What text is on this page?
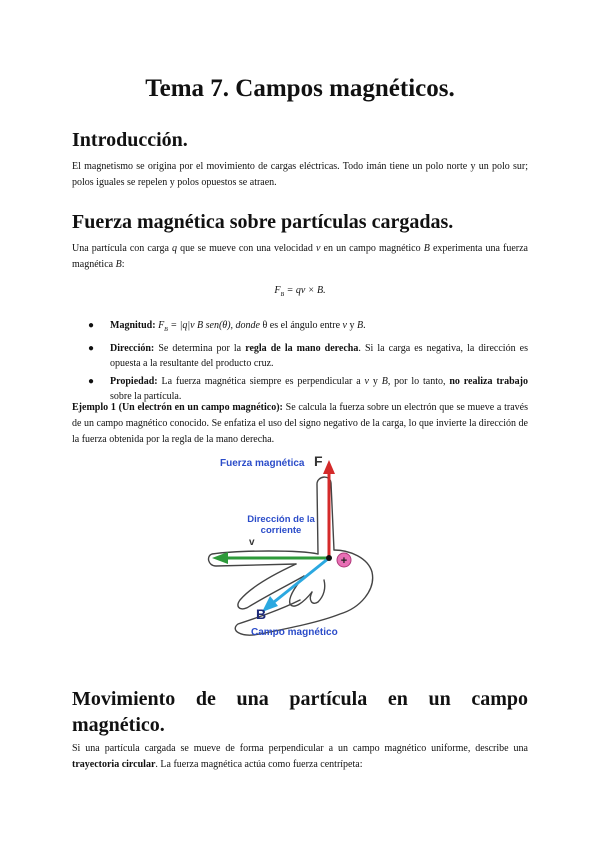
Tema 7. Campos magnéticos.
Introducción.

El magnetismo se origina por el movimiento de cargas eléctricas. Todo imán tiene un polo norte y un polo sur; polos iguales se repelen y polos opuestos se atraen.

Fuerza magnética sobre partículas cargadas.

Una partícula con carga q que se mueve con una velocidad v en un campo magnético B experimenta una fuerza magnética B:

$F_B$ = qv × B.
● Magnitud: $F_B = |q|v$ B sen(θ), donde θ es el ángulo entre v y B.
● Dirección: Se determina por la regla de la mano derecha. Si la carga es negativa, la dirección es opuesta a la resultante del producto cruz.
● Propiedad: La fuerza magnética siempre es perpendicular a v y B, por lo tanto, no realiza trabajo sobre la partícula.

Ejemplo 1 (Un electrón en un campo magnético): Se calcula la fuerza sobre un electrón que se mueve a través de un campo magnético conocido. Se enfatiza el uso del signo negativo de la carga, lo que invierte la dirección de la fuerza obtenida por la regla de la mano derecha.

+
Fuerza magnética F
Dirección de la corriente
v
B
Campo magnético
Movimiento de una partícula en un campo magnético.

Si una partícula cargada se mueve de forma perpendicular a un campo magnético uniforme, describe una trayectoria circular. La fuerza magnética actúa como fuerza centrípeta:
